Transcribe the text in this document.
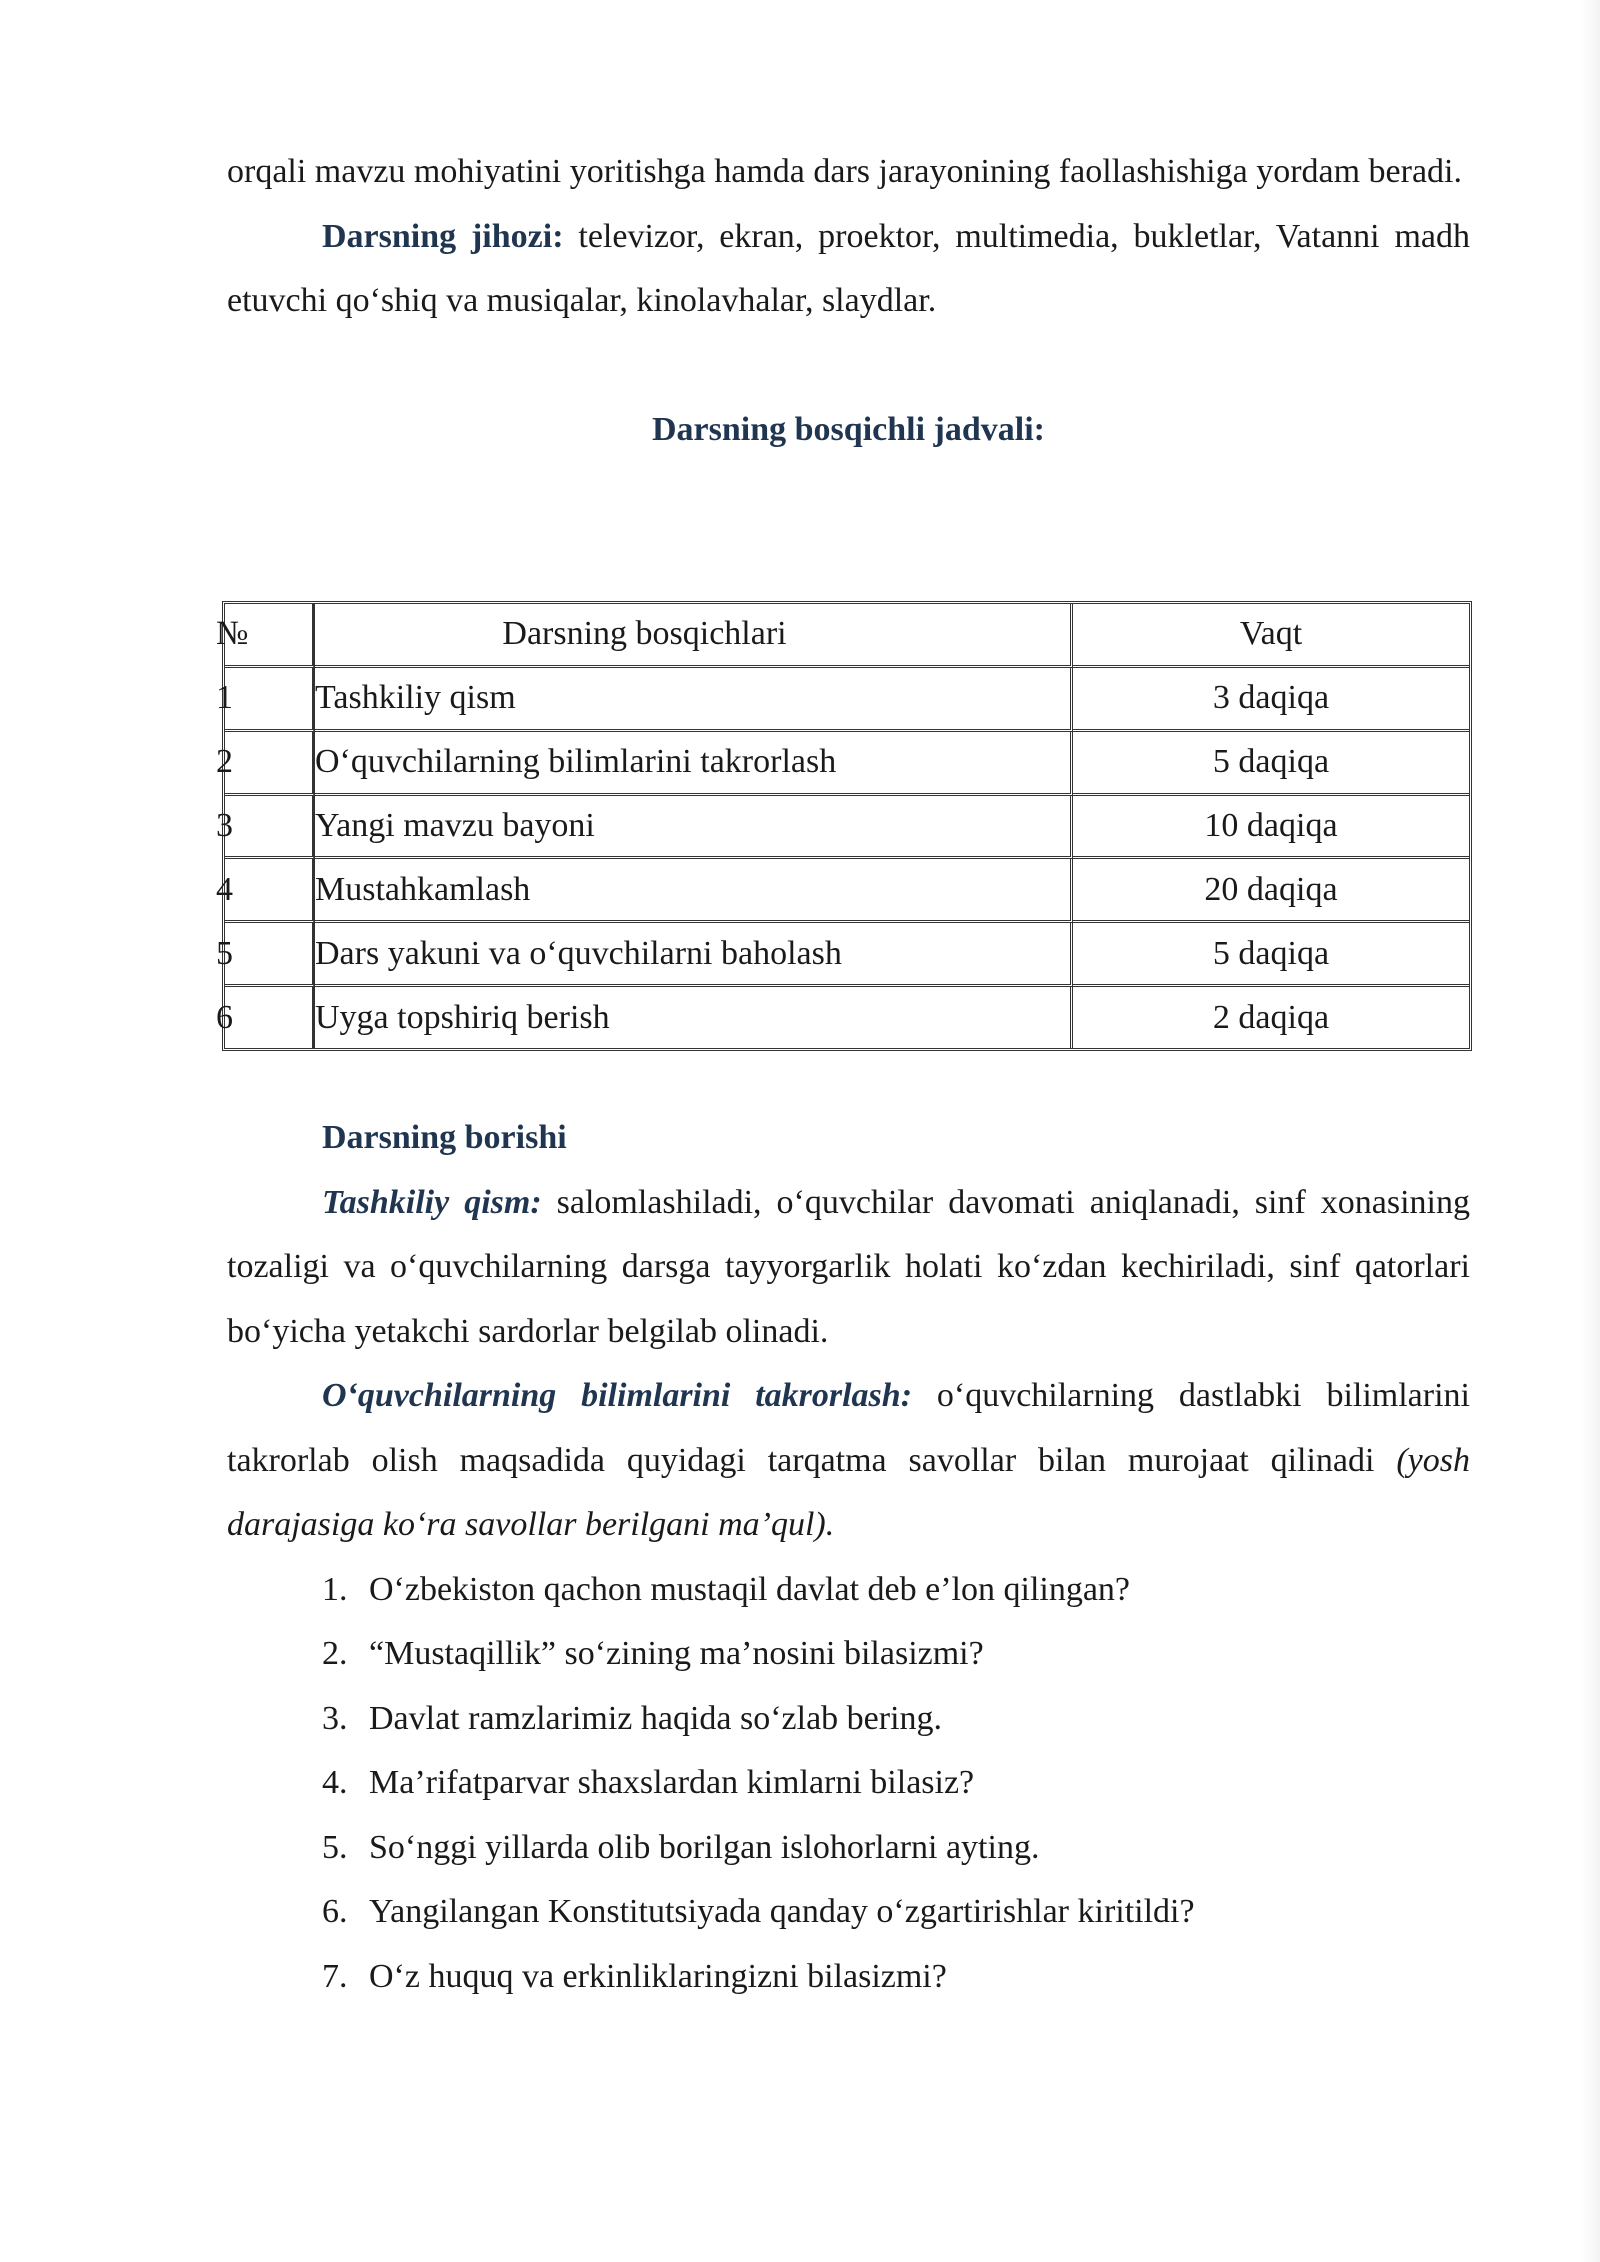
orqali mavzu mohiyatini yoritishga hamda dars jarayonining faollashishiga yordam beradi.

Darsning jihozi: televizor, ekran, proektor, multimedia, bukletlar, Vatanni madh etuvchi qo‘shiq va musiqalar, kinolavhalar, slaydlar.

Darsning bosqichli jadvali:
№	Darsning bosqichlari	Vaqt
1	Tashkiliy qism	3 daqiqa
2	O‘quvchilarning bilimlarini takrorlash	5 daqiqa
3	Yangi mavzu bayoni	10 daqiqa
4	Mustahkamlash	20 daqiqa
5	Dars yakuni va o‘quvchilarni baholash	5 daqiqa
6	Uyga topshiriq berish	2 daqiqa
Darsning borishi

Tashkiliy qism: salomlashiladi, o‘quvchilar davomati aniqlanadi, sinf xonasining tozaligi va o‘quvchilarning darsga tayyorgarlik holati ko‘zdan kechiriladi, sinf qatorlari bo‘yicha yetakchi sardorlar belgilab olinadi.

O‘quvchilarning bilimlarini takrorlash: o‘quvchilarning dastlabki bilimlarini takrorlab olish maqsadida quyidagi tarqatma savollar bilan murojaat qilinadi (yosh darajasiga ko‘ra savollar berilgani ma’qul).

1. O‘zbekiston qachon mustaqil davlat deb e’lon qilingan?
2. “Mustaqillik” so‘zining ma’nosini bilasizmi?
3. Davlat ramzlarimiz haqida so‘zlab bering.
4. Ma’rifatparvar shaxslardan kimlarni bilasiz?
5. So‘nggi yillarda olib borilgan islohorlarni ayting.
6. Yangilangan Konstitutsiyada qanday o‘zgartirishlar kiritildi?
7. O‘z huquq va erkinliklaringizni bilasizmi?
